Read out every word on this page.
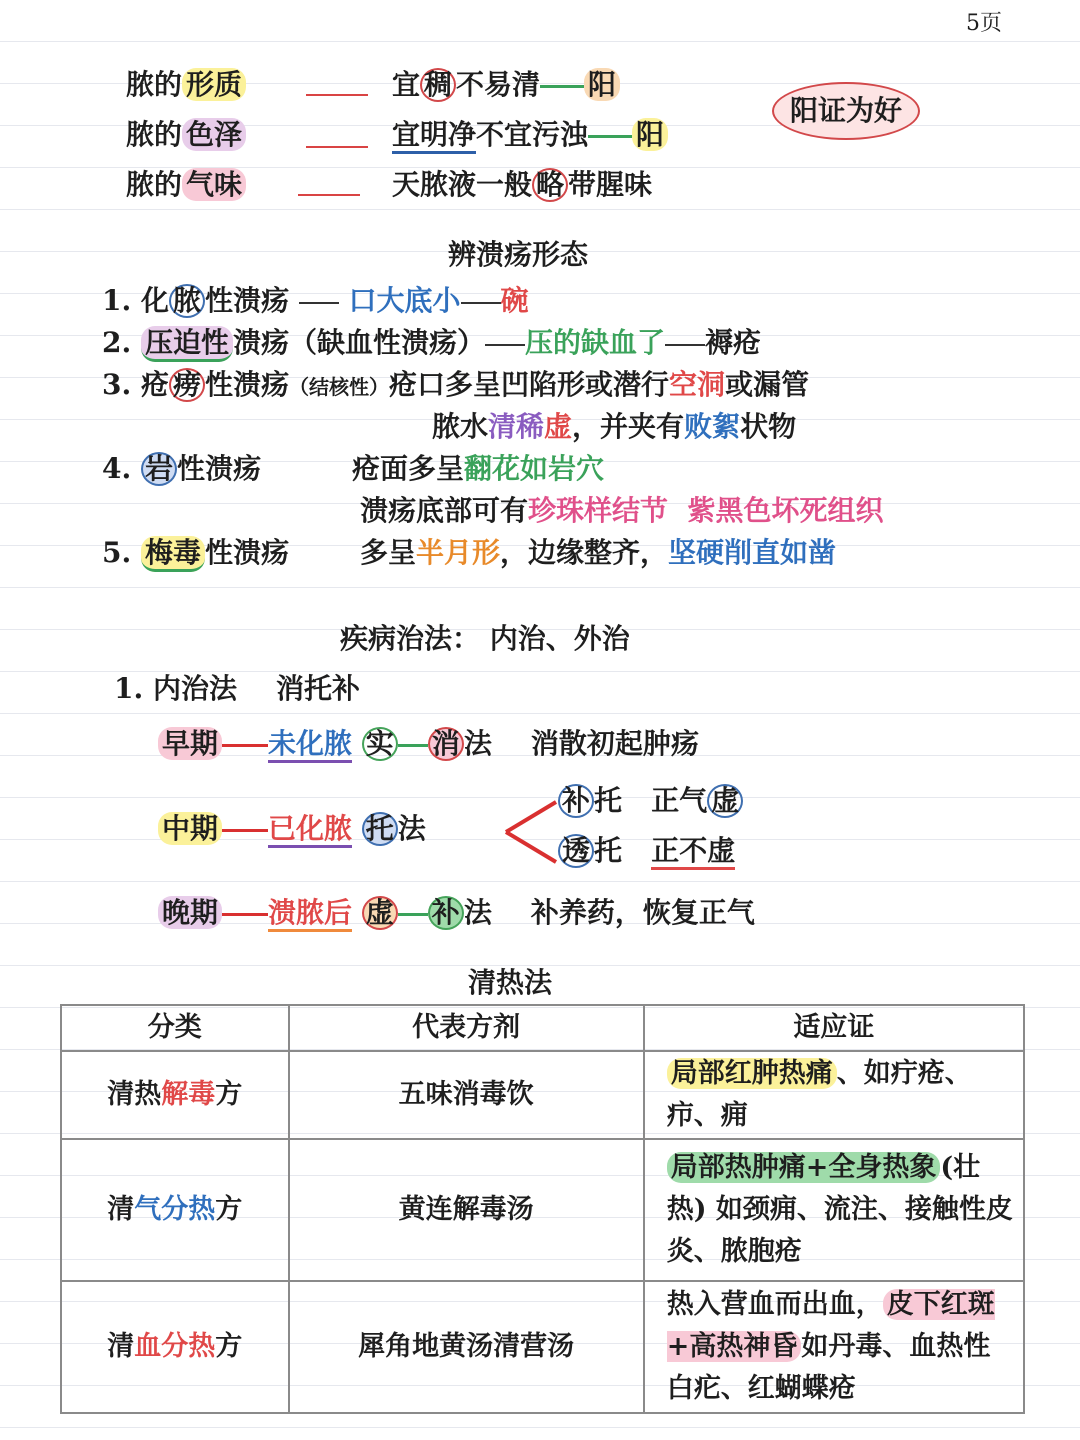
5页
脓的 形质	宜 稠 不易清 阳
脓的 色泽	宜明净不宜污浊 阳
脓的 气味	天脓液一般 略 带腥味
阳证为好
辨溃疡形态
1. 化 脓 性溃疡 口大底小 碗
2. 压迫性 溃疡（缺血性溃疡） 压的缺血了 褥疮
3. 疮 痨 性溃疡（结核性）疮口多呈凹陷形或潜行空洞或漏管
脓水清稀虚，并夹有败絮状物
4. 岩 性溃疡	疮面多呈翻花如岩穴
溃疡底部可有珍珠样结节 紫黑色坏死组织
5. 梅毒 性溃疡	多呈半月形，边缘整齐，坚硬削直如凿
疾病治法： 内治、外治
1. 内治法 消托补
早期 未化脓 实 消 法 消散初起肿疡
中期 已化脓 托 法
补 托 正气 虚
透 托 正不虚
晚期 溃脓后 虚 补 法 补养药，恢复正气
清热法
分类	代表方剂	适应证
清热解毒方	五味消毒饮	局部红肿热痛 、如疔疮、疖、痈
清气分热方	黄连解毒汤	局部热肿痛+全身热象 (壮热) 如颈痈、流注、接触性皮炎、脓胞疮
清血分热方	犀角地黄汤清营汤	热入营血而出血， 皮下红斑+高热神昏 如丹毒、血热性白疕、红蝴蝶疮
